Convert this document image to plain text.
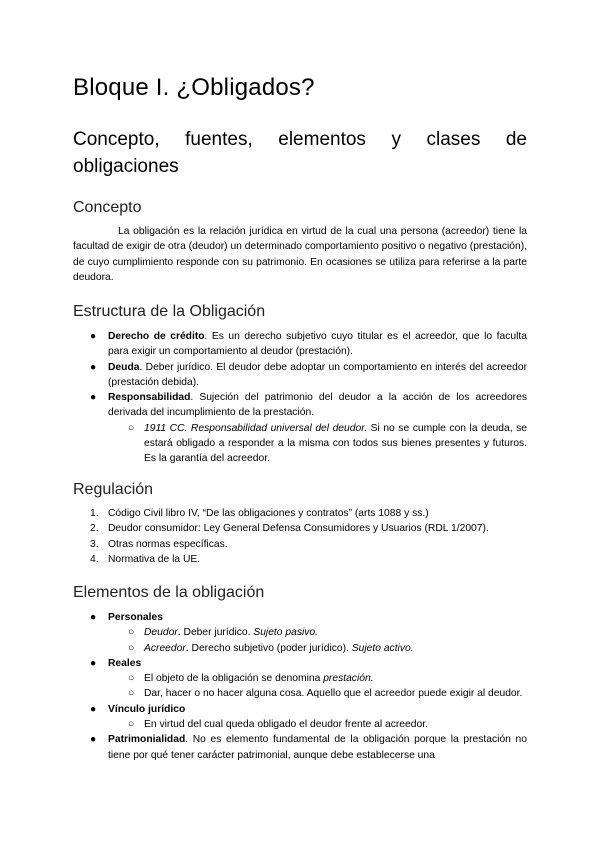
Bloque I. ¿Obligados?
Concepto, fuentes, elementos y clases de obligaciones
Concepto

La obligación es la relación jurídica en virtud de la cual una persona (acreedor) tiene la facultad de exigir de otra (deudor) un determinado comportamiento positivo o negativo (prestación), de cuyo cumplimiento responde con su patrimonio. En ocasiones se utiliza para referirse a la parte deudora.

Estructura de la Obligación
● Derecho de crédito. Es un derecho subjetivo cuyo titular es el acreedor, que lo faculta para exigir un comportamiento al deudor (prestación).
● Deuda. Deber jurídico. El deudor debe adoptar un comportamiento en interés del acreedor (prestación debida).
● Responsabilidad. Sujeción del patrimonio del deudor a la acción de los acreedores derivada del incumplimiento de la prestación.
○ 1911 CC. Responsabilidad universal del deudor. Si no se cumple con la deuda, se estará obligado a responder a la misma con todos sus bienes presentes y futuros. Es la garantía del acreedor.
Regulación
1. Código Civil libro IV, “De las obligaciones y contratos” (arts 1088 y ss.)
2. Deudor consumidor: Ley General Defensa Consumidores y Usuarios (RDL 1/2007).
3. Otras normas específicas.
4. Normativa de la UE.
Elementos de la obligación
● Personales
○ Deudor. Deber jurídico. Sujeto pasivo.
○ Acreedor. Derecho subjetivo (poder jurídico). Sujeto activo.
● Reales
○ El objeto de la obligación se denomina prestación.
○ Dar, hacer o no hacer alguna cosa. Aquello que el acreedor puede exigir al deudor.
● Vínculo jurídico
○ En virtud del cual queda obligado el deudor frente al acreedor.
● Patrimonialidad. No es elemento fundamental de la obligación porque la prestación no tiene por qué tener carácter patrimonial, aunque debe establecerse una
